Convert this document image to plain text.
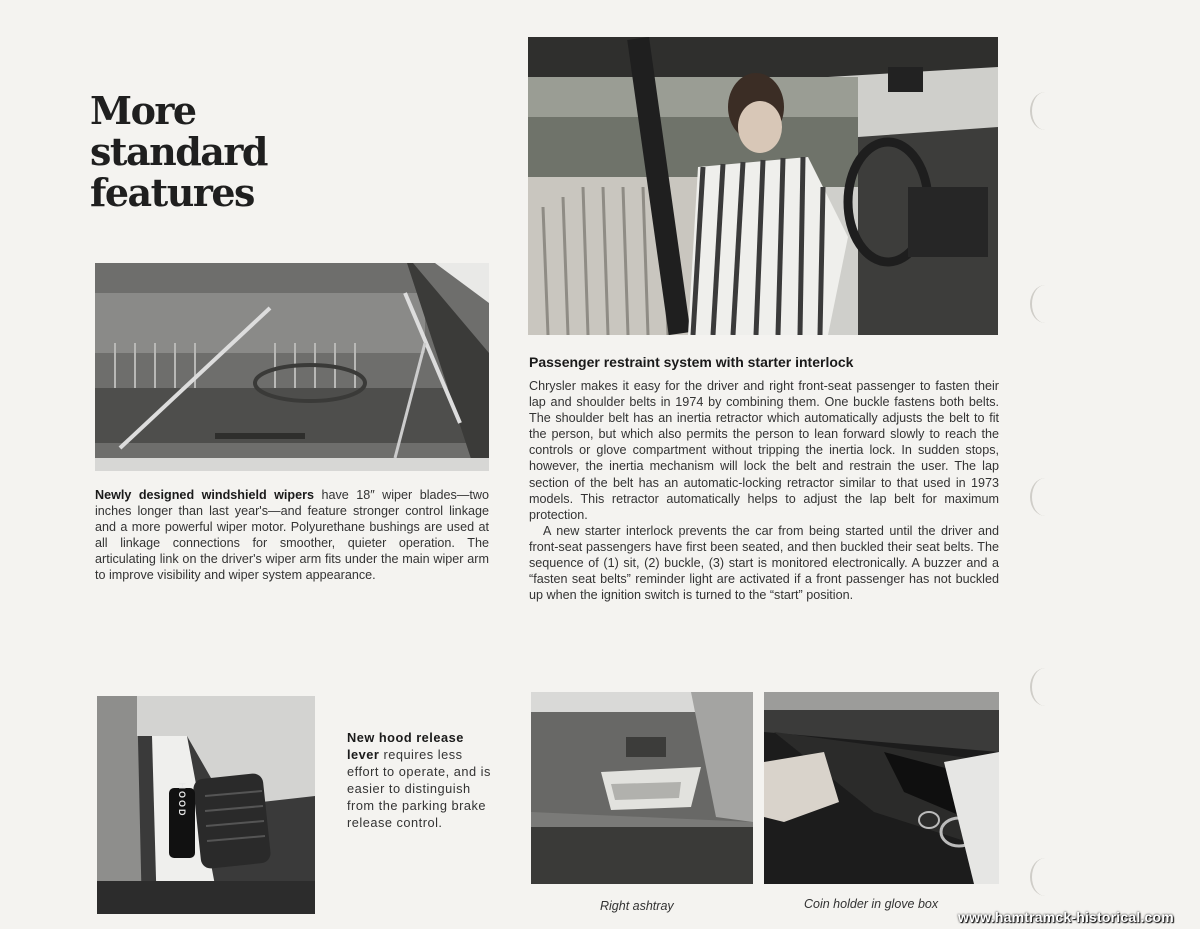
More
standard
features
Newly designed windshield wipers have 18″ wiper blades—two inches longer than last year's—and feature stronger control linkage and a more powerful wiper motor. Polyurethane bushings are used at all linkage connections for smoother, quieter operation. The articulating link on the driver's wiper arm fits under the main wiper arm to improve visibility and wiper system appearance.
Passenger restraint system with starter interlock

Chrysler makes it easy for the driver and right front-seat passenger to fasten their lap and shoulder belts in 1974 by combining them. One buckle fastens both belts. The shoulder belt has an inertia retractor which automatically adjusts the belt to fit the person, but which also permits the person to lean forward slowly to reach the controls or glove compartment without tripping the inertia lock. In sudden stops, however, the inertia mechanism will lock the belt and restrain the user. The lap section of the belt has an automatic-locking retractor similar to that used in 1973 models. This retractor automatically helps to adjust the lap belt for maximum protection.

A new starter interlock prevents the car from being started until the driver and front-seat passengers have first been seated, and then buckled their seat belts. The sequence of (1) sit, (2) buckle, (3) start is monitored electronically. A buzzer and a “fasten seat belts” reminder light are activated if a front passenger has not buckled up when the ignition switch is turned to the “start” position.

HOOD
New hood release lever requires less effort to operate, and is easier to distinguish from the parking brake release control.
Right ashtray	Coin holder in glove box
www.hamtramck-historical.com
